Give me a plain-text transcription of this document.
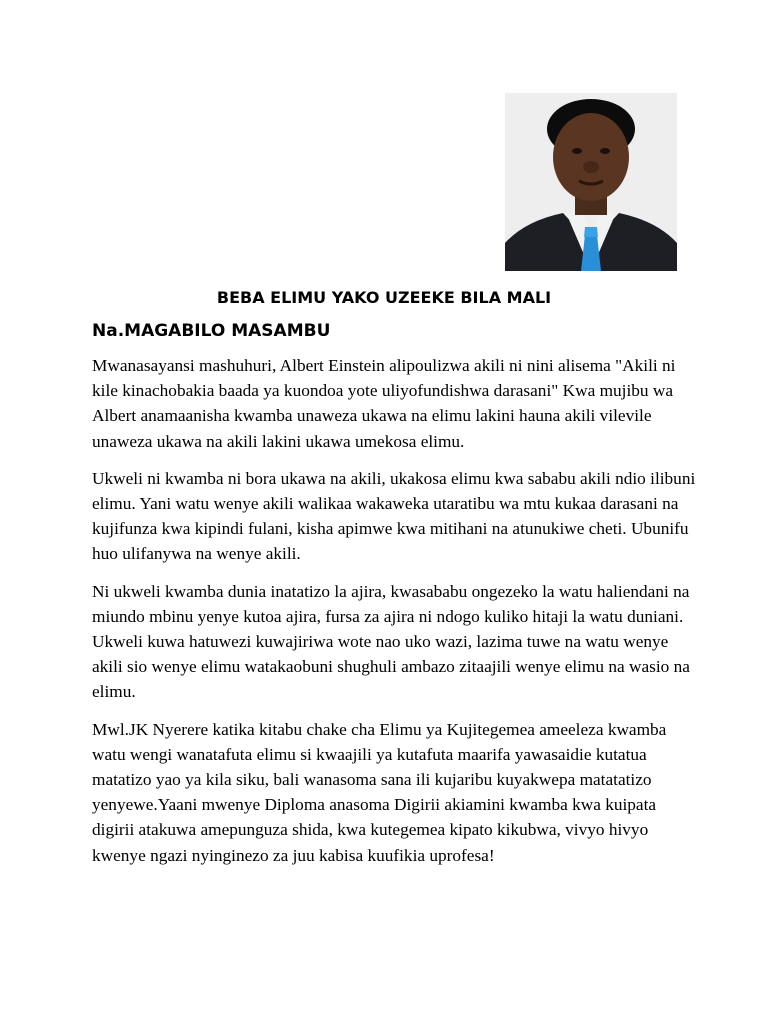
BEBA ELIMU YAKO UZEEKE BILA MALI
Na.MAGABILO MASAMBU

Mwanasayansi mashuhuri, Albert Einstein alipoulizwa akili ni nini alisema "Akili ni kile kinachobakia baada ya kuondoa yote uliyofundishwa darasani" Kwa mujibu wa Albert anamaanisha kwamba unaweza ukawa na elimu lakini hauna akili vilevile unaweza ukawa na akili lakini ukawa umekosa elimu.

Ukweli ni kwamba ni bora ukawa na akili, ukakosa elimu kwa sababu akili ndio ilibuni elimu. Yani watu wenye akili walikaa wakaweka utaratibu wa mtu kukaa darasani na kujifunza kwa kipindi fulani, kisha apimwe kwa mitihani na atunukiwe cheti. Ubunifu huo ulifanywa na wenye akili.

Ni ukweli kwamba dunia inatatizo la ajira, kwasababu ongezeko la watu haliendani na miundo mbinu yenye kutoa ajira, fursa za ajira ni ndogo kuliko hitaji la watu duniani. Ukweli kuwa hatuwezi kuwajiriwa wote nao uko wazi, lazima tuwe na watu wenye akili sio wenye elimu watakaobuni shughuli ambazo zitaajili wenye elimu na wasio na elimu.

Mwl.JK Nyerere katika kitabu chake cha Elimu ya Kujitegemea ameeleza kwamba watu wengi wanatafuta elimu si kwaajili ya kutafuta maarifa yawasaidie kutatua matatizo yao ya kila siku, bali wanasoma sana ili kujaribu kuyakwepa matatatizo yenyewe.Yaani mwenye Diploma anasoma Digirii akiamini kwamba kwa kuipata digirii atakuwa amepunguza shida, kwa kutegemea kipato kikubwa, vivyo hivyo kwenye ngazi nyinginezo za juu kabisa kuufikia uprofesa!
